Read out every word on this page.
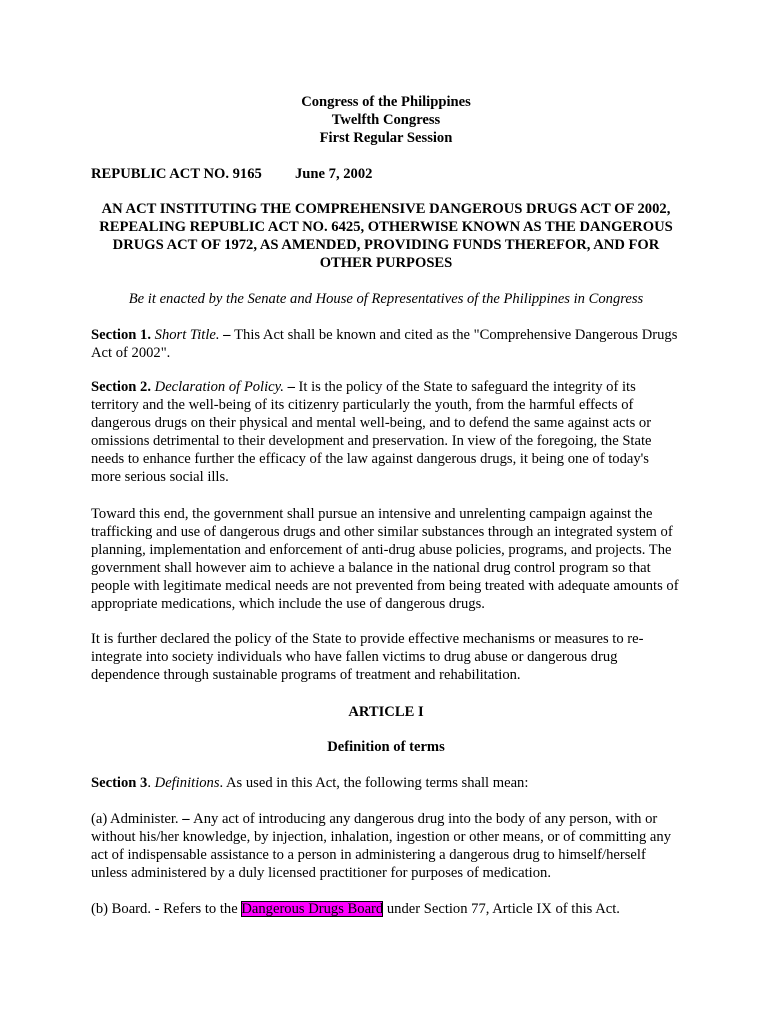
Congress of the Philippines
Twelfth Congress
First Regular Session

REPUBLIC ACT NO. 9165 June 7, 2002

AN ACT INSTITUTING THE COMPREHENSIVE DANGEROUS DRUGS ACT OF 2002, REPEALING REPUBLIC ACT NO. 6425, OTHERWISE KNOWN AS THE DANGEROUS DRUGS ACT OF 1972, AS AMENDED, PROVIDING FUNDS THEREFOR, AND FOR OTHER PURPOSES

Be it enacted by the Senate and House of Representatives of the Philippines in Congress

Section 1. Short Title. – This Act shall be known and cited as the "Comprehensive Dangerous Drugs Act of 2002".

Section 2. Declaration of Policy. – It is the policy of the State to safeguard the integrity of its territory and the well-being of its citizenry particularly the youth, from the harmful effects of dangerous drugs on their physical and mental well-being, and to defend the same against acts or omissions detrimental to their development and preservation. In view of the foregoing, the State needs to enhance further the efficacy of the law against dangerous drugs, it being one of today's more serious social ills.

Toward this end, the government shall pursue an intensive and unrelenting campaign against the trafficking and use of dangerous drugs and other similar substances through an integrated system of planning, implementation and enforcement of anti-drug abuse policies, programs, and projects. The government shall however aim to achieve a balance in the national drug control program so that people with legitimate medical needs are not prevented from being treated with adequate amounts of appropriate medications, which include the use of dangerous drugs.

It is further declared the policy of the State to provide effective mechanisms or measures to re-integrate into society individuals who have fallen victims to drug abuse or dangerous drug dependence through sustainable programs of treatment and rehabilitation.

ARTICLE I

Definition of terms

Section 3. Definitions. As used in this Act, the following terms shall mean:

(a) Administer. – Any act of introducing any dangerous drug into the body of any person, with or without his/her knowledge, by injection, inhalation, ingestion or other means, or of committing any act of indispensable assistance to a person in administering a dangerous drug to himself/herself unless administered by a duly licensed practitioner for purposes of medication.

(b) Board. - Refers to the Dangerous Drugs Board under Section 77, Article IX of this Act.
